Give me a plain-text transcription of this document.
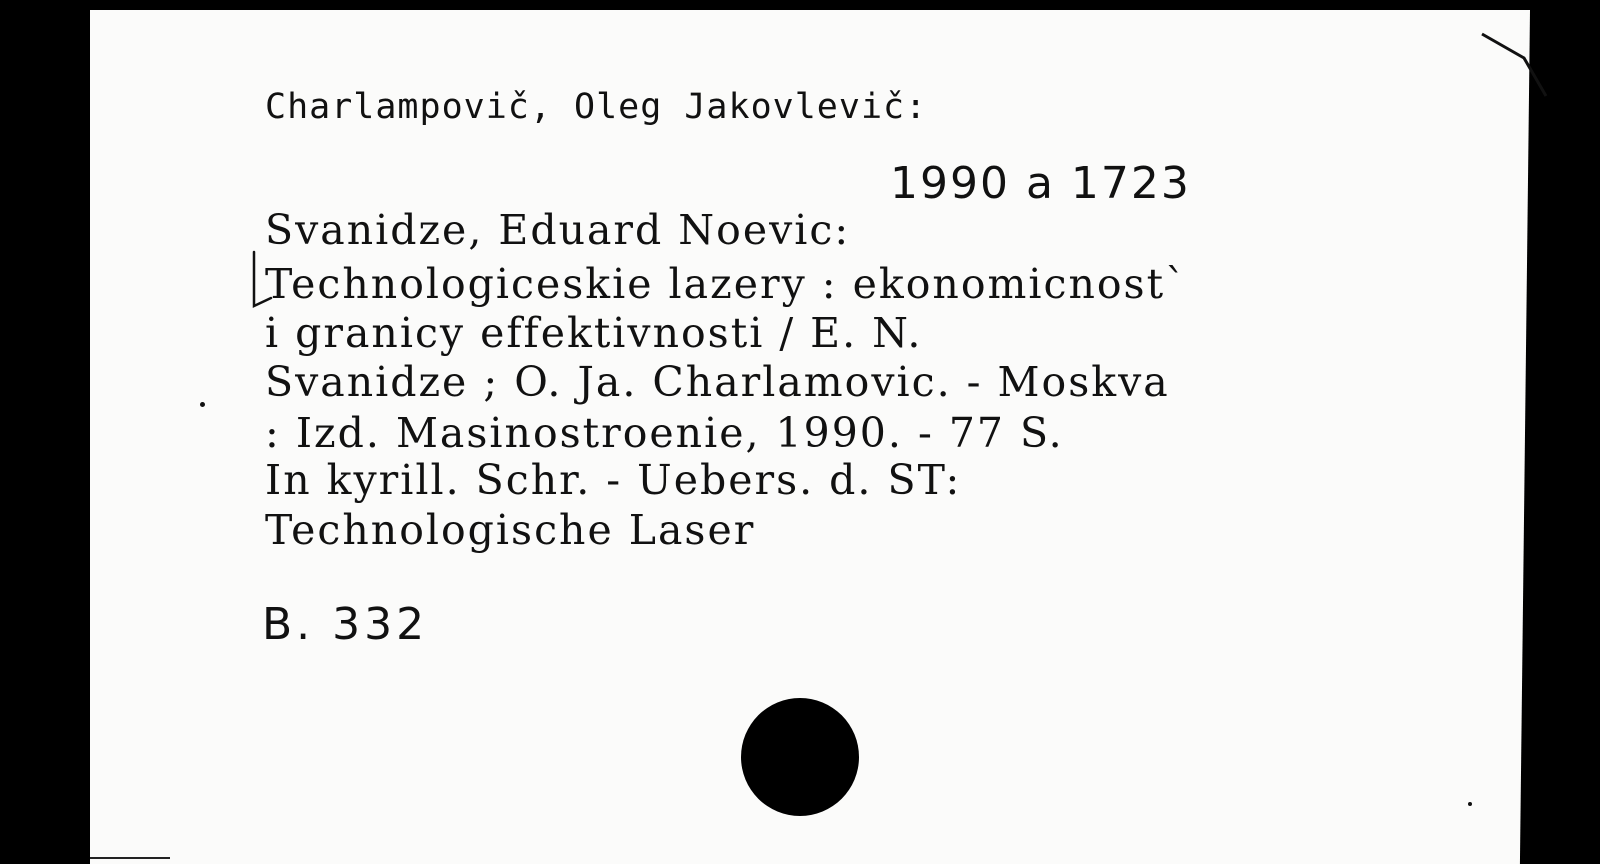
Charlampovič, Oleg Jakovlevič:
1990 a 1723
Svanidze, Eduard Noevic:
Technologiceskie lazery : ekonomicnost`
i granicy effektivnosti / E. N.
Svanidze ; O. Ja. Charlamovic. - Moskva
: Izd. Masinostroenie, 1990. - 77 S.
In kyrill. Schr. - Uebers. d. ST:
Technologische Laser
B. 332
